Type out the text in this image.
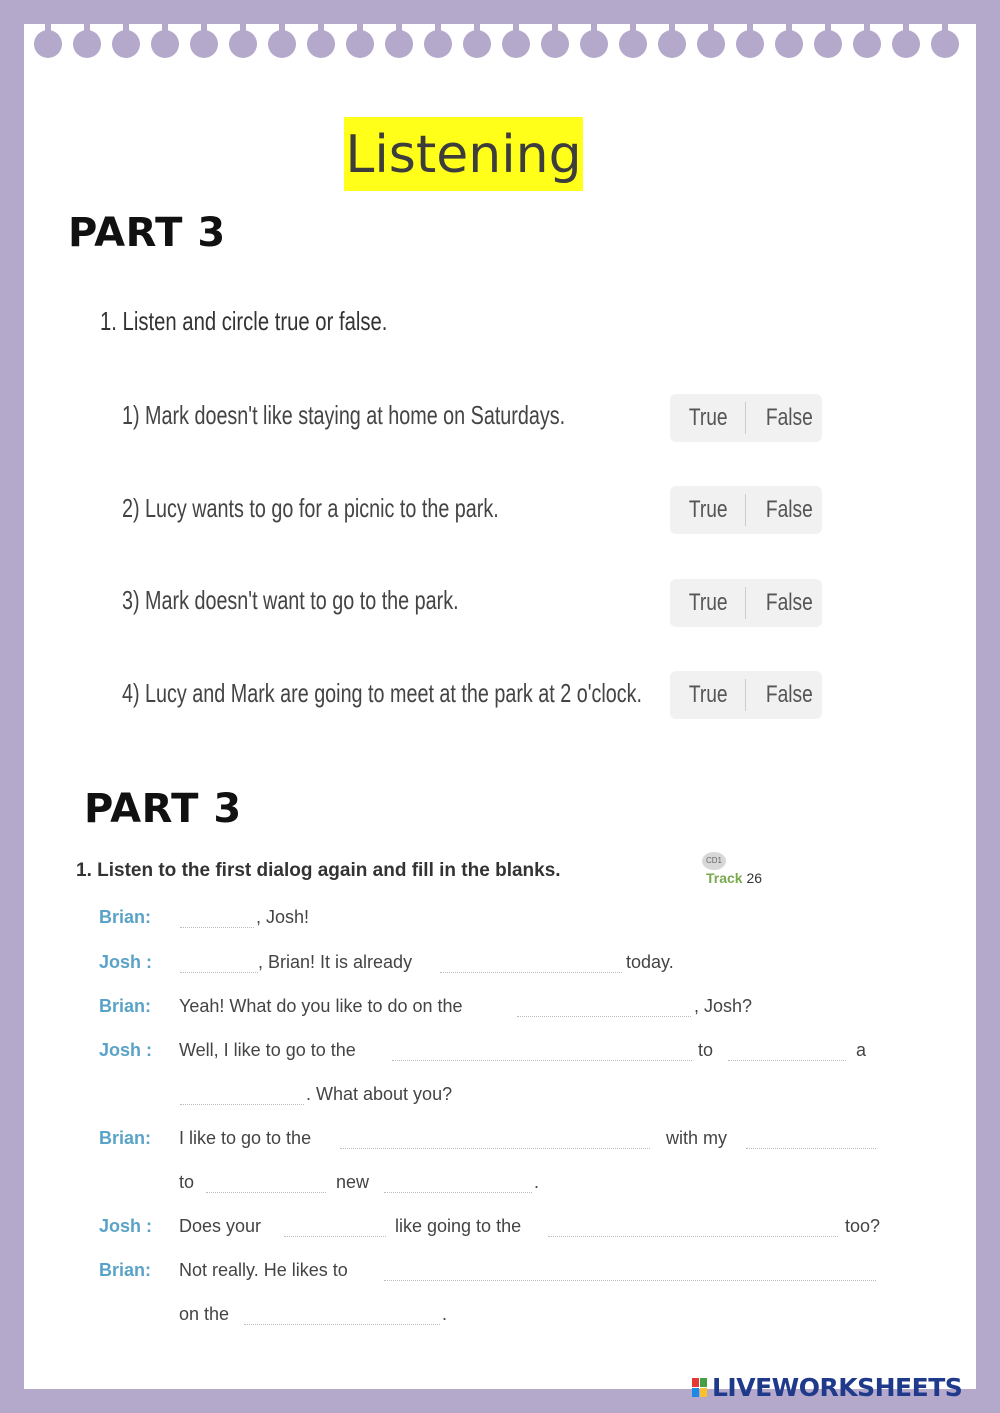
Listening
PART 3
1. Listen and circle true or false.
1) Mark doesn't like staying at home on Saturdays.	True False
2) Lucy wants to go for a picnic to the park.	True False
3) Mark doesn't want to go to the park.	True False
4) Lucy and Mark are going to meet at the park at 2 o'clock. True False
PART 3
1. Listen to the first dialog again and fill in the blanks.	CD1
Track 26
Brian:	, Josh!
Josh :	, Brian! It is already	today.
Brian: Yeah! What do you like to do on the	, Josh?
Josh : Well, I like to go to the	to	a
. What about you?
Brian: I like to go to the	with my
to	new	.
Josh : Does your	like going to the	too?
Brian: Not really. He likes to
on the	.
LIVEWORKSHEETS
